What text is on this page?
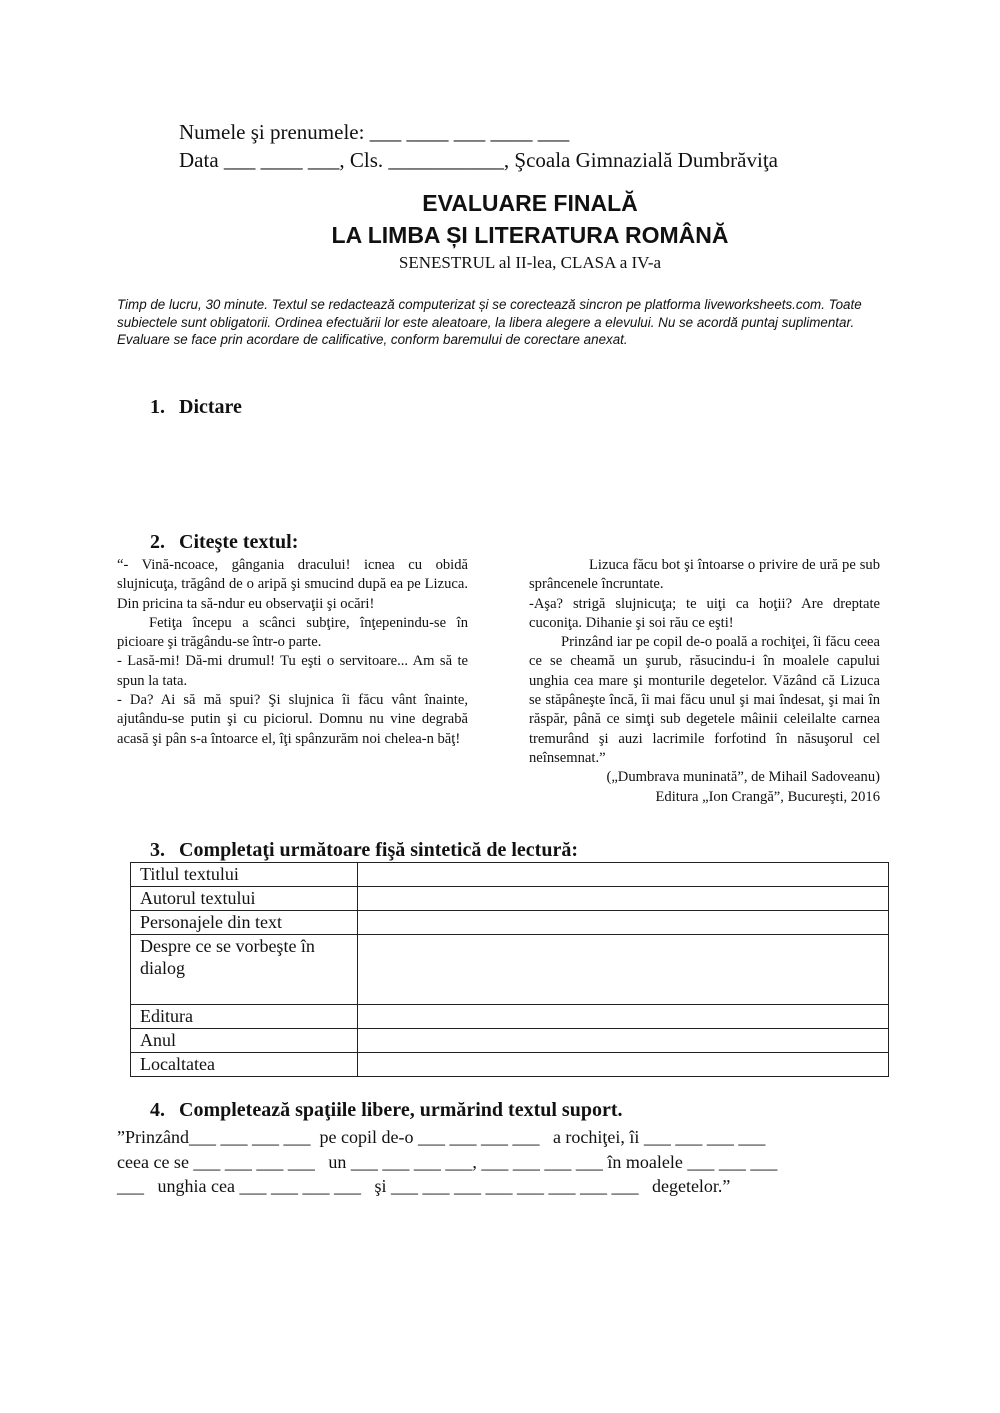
Numele şi prenumele: ___ ____ ___ ____ ___
Data ___ ____ ___, Cls. ___________, Şcoala Gimnazială Dumbrăviţa
EVALUARE FINALĂ
LA LIMBA ȘI LITERATURA ROMÂNĂ
SENESTRUL al II-lea, CLASA a IV-a
Timp de lucru, 30 minute. Textul se redactează computerizat și se corectează sincron pe platforma liveworksheets.com. Toate subiectele sunt obligatorii. Ordinea efectuării lor este aleatoare, la libera alegere a elevului. Nu se acordă puntaj suplimentar. Evaluare se face prin acordare de calificative, conform baremului de corectare anexat.
1. Dictare
2. Citeşte textul:

“- Vină-ncoace, gângania dracului! icnea cu obidă slujnicuţa, trăgând de o aripă şi smucind după ea pe Lizuca. Din pricina ta să-ndur eu observaţii şi ocări!

Fetiţa începu a scânci subţire, înţepenindu-se în picioare şi trăgându-se într-o parte.

- Lasă-mi! Dă-mi drumul! Tu eşti o servitoare... Am să te spun la tata.

- Da? Ai să mă spui? Şi slujnica îi făcu vânt înainte, ajutându-se putin şi cu piciorul. Domnu nu vine degrabă acasă şi pân s-a întoarce el, îţi spânzurăm noi chelea-n băţ!

Lizuca făcu bot şi întoarse o privire de ură pe sub sprâncenele încruntate.

-Aşa? strigă slujnicuţa; te uiţi ca hoţii? Are dreptate cuconiţa. Dihanie şi soi rău ce eşti!

Prinzând iar pe copil de-o poală a rochiţei, îi făcu ceea ce se cheamă un şurub, răsucindu-i în moalele capului unghia cea mare şi monturile degetelor. Văzând că Lizuca se stăpâneşte încă, îi mai făcu unul şi mai îndesat, şi mai în răspăr, până ce simţi sub degetele mâinii celeilalte carnea tremurând şi auzi lacrimile forfotind în năsuşorul cel neînsemnat.”

(„Dumbrava muninată”, de Mihail Sadoveanu)

Editura „Ion Crangă”, Bucureşti, 2016

3. Completaţi următoare fişă sintetică de lectură:
Titlul textului	
Autorul textului	
Personajele din text	
Despre ce se vorbeşte în dialog	
Editura	
Anul	
Localtatea	
4. Completează spaţiile libere, urmărind textul suport.
”Prinzând___ ___ ___ ___  pe copil de-o ___ ___ ___ ___   a rochiţei, îi ___ ___ ___ ___
ceea ce se ___ ___ ___ ___   un ___ ___ ___ ___, ___ ___ ___ ___ în moalele ___ ___ ___
___   unghia cea ___ ___ ___ ___   şi ___ ___ ___ ___ ___ ___ ___ ___   degetelor.”
